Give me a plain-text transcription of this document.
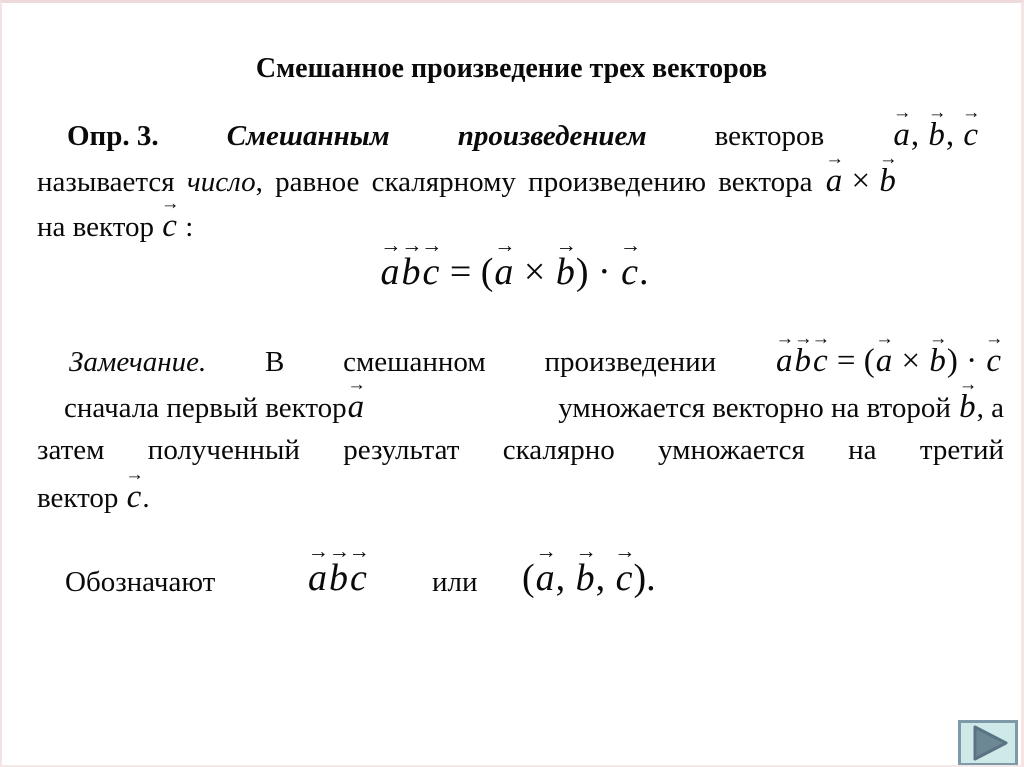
Смешанное произведение трех векторов
Опр. 3. Смешанным произведением векторов
→
a,
→
b,
→
c
называется число, равное скалярному произведению вектора
→
a ×
→
b
на вектор
→
c :
→
a
→
b
→
c = (
→
a ×
→
b) ·
→
c.
Замечание. В смешанном произведении
→
a
→
b
→
c = (
→
a ×
→
b) ·
→
c
сначала первый вектор
→
a	умножается векторно на второй
→
b, а
затем полученный результат скалярно умножается на третий
вектор
→
c.
Обозначают
→
a
→
b
→
c или (
→
a,
→
b,
→
c).
